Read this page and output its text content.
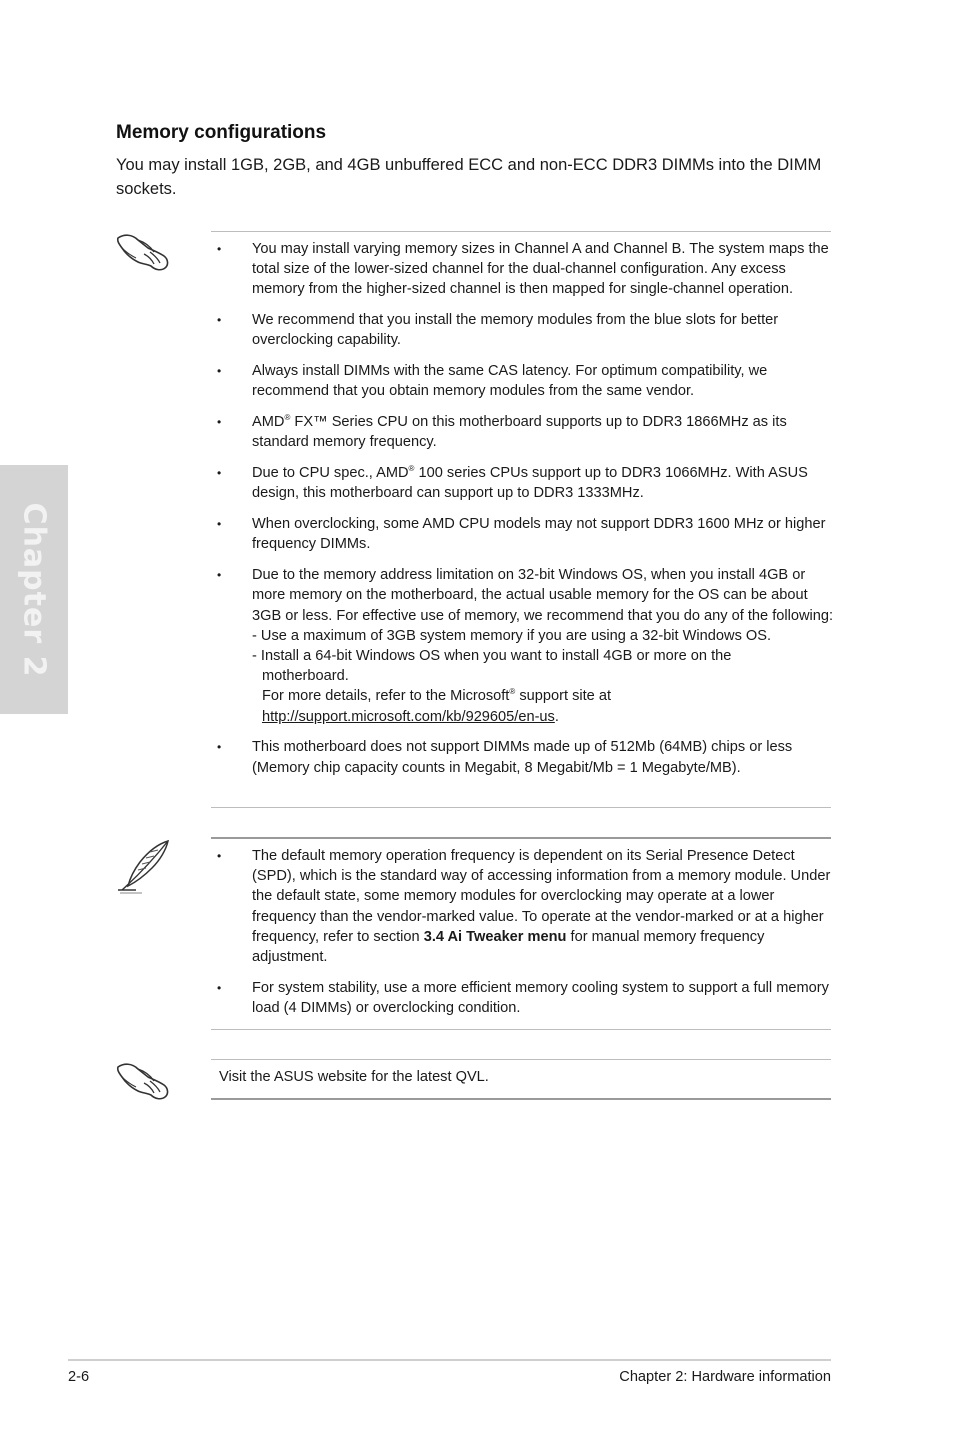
Chapter 2
Memory configurations

You may install 1GB, 2GB, and 4GB unbuffered ECC and non-ECC DDR3 DIMMs into the DIMM sockets.

• You may install varying memory sizes in Channel A and Channel B. The system maps the total size of the lower-sized channel for the dual-channel configuration. Any excess memory from the higher-sized channel is then mapped for single-channel operation.
• We recommend that you install the memory modules from the blue slots for better overclocking capability.
• Always install DIMMs with the same CAS latency. For optimum compatibility, we recommend that you obtain memory modules from the same vendor.
• AMD® FX™ Series CPU on this motherboard supports up to DDR3 1866MHz as its standard memory frequency.
• Due to CPU spec., AMD® 100 series CPUs support up to DDR3 1066MHz. With ASUS design, this motherboard can support up to DDR3 1333MHz.
• When overclocking, some AMD CPU models may not support DDR3 1600 MHz or higher frequency DIMMs.
• Due to the memory address limitation on 32-bit Windows OS, when you install 4GB or more memory on the motherboard, the actual usable memory for the OS can be about 3GB or less. For effective use of memory, we recommend that you do any of the following:
- Use a maximum of 3GB system memory if you are using a 32-bit Windows OS.
- Install a 64-bit Windows OS when you want to install 4GB or more on the
motherboard.
For more details, refer to the Microsoft® support site at
http://support.microsoft.com/kb/929605/en-us.
• This motherboard does not support DIMMs made up of 512Mb (64MB) chips or less (Memory chip capacity counts in Megabit, 8 Megabit/Mb = 1 Megabyte/MB).
• The default memory operation frequency is dependent on its Serial Presence Detect (SPD), which is the standard way of accessing information from a memory module. Under the default state, some memory modules for overclocking may operate at a lower frequency than the vendor-marked value. To operate at the vendor-marked or at a higher frequency, refer to section 3.4 Ai Tweaker menu for manual memory frequency adjustment.
• For system stability, use a more efficient memory cooling system to support a full memory load (4 DIMMs) or overclocking condition.

Visit the ASUS website for the latest QVL.

2-6	Chapter 2: Hardware information
